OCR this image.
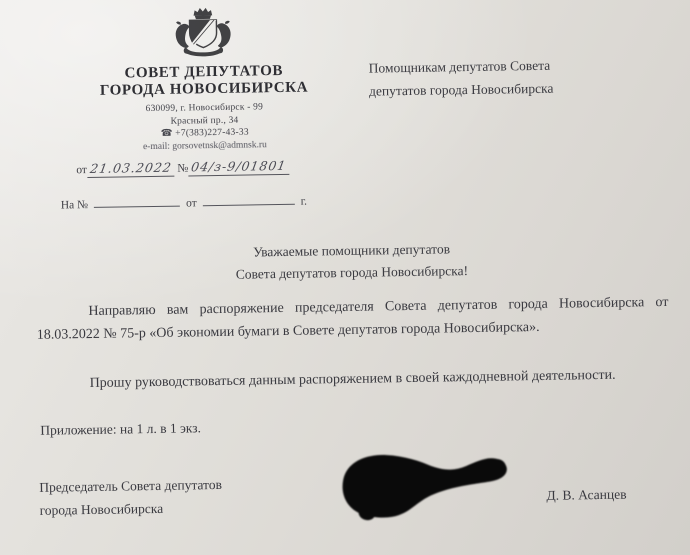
СОВЕТ ДЕПУТАТОВ
ГОРОДА НОВОСИБИРСКА
630099, г. Новосибирск - 99
Красный пр., 34
☎ +7(383)227-43-33
e-mail: gorsovetnsk@admnsk.ru
Помощникам депутатов Совета
депутатов города Новосибирска
от 21.03.2022 № 04/з-9/01801
На №	от	г.
Уважаемые помощники депутатов
Совета депутатов города Новосибирска!
Направляю вам распоряжение председателя Совета депутатов города Новосибирска от 18.03.2022 № 75-р «Об экономии бумаги в Совете депутатов города Новосибирска».
Прошу руководствоваться данным распоряжением в своей каждодневной деятельности.
Приложение: на 1 л. в 1 экз.
Председатель Совета депутатов
города Новосибирска
Д. В. Асанцев
